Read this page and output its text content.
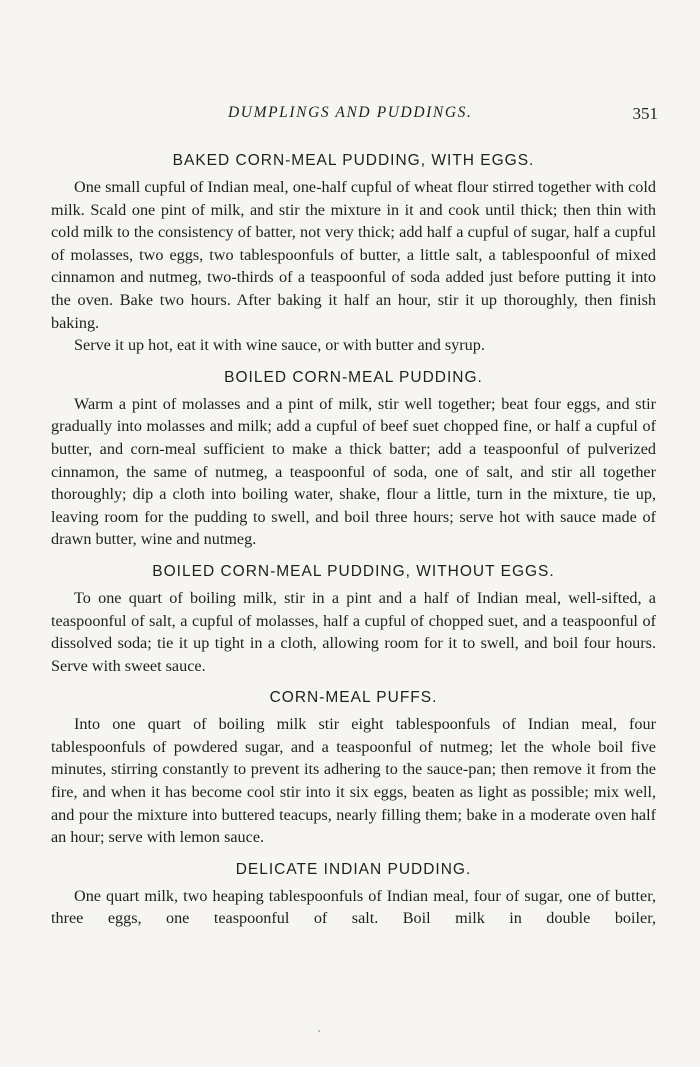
DUMPLINGS AND PUDDINGS.	351
BAKED CORN-MEAL PUDDING, WITH EGGS.

One small cupful of Indian meal, one-half cupful of wheat flour stirred together with cold milk. Scald one pint of milk, and stir the mixture in it and cook until thick; then thin with cold milk to the consistency of batter, not very thick; add half a cupful of sugar, half a cupful of molasses, two eggs, two tablespoonfuls of butter, a little salt, a tablespoonful of mixed cinnamon and nutmeg, two-thirds of a teaspoonful of soda added just before putting it into the oven. Bake two hours. After baking it half an hour, stir it up thoroughly, then finish baking.

Serve it up hot, eat it with wine sauce, or with butter and syrup.

BOILED CORN-MEAL PUDDING.

Warm a pint of molasses and a pint of milk, stir well together; beat four eggs, and stir gradually into molasses and milk; add a cupful of beef suet chopped fine, or half a cupful of butter, and corn-meal sufficient to make a thick batter; add a teaspoonful of pulverized cinnamon, the same of nutmeg, a teaspoonful of soda, one of salt, and stir all together thoroughly; dip a cloth into boiling water, shake, flour a little, turn in the mixture, tie up, leaving room for the pudding to swell, and boil three hours; serve hot with sauce made of drawn butter, wine and nutmeg.

BOILED CORN-MEAL PUDDING, WITHOUT EGGS.

To one quart of boiling milk, stir in a pint and a half of Indian meal, well-sifted, a teaspoonful of salt, a cupful of molasses, half a cupful of chopped suet, and a teaspoonful of dissolved soda; tie it up tight in a cloth, allowing room for it to swell, and boil four hours. Serve with sweet sauce.

CORN-MEAL PUFFS.

Into one quart of boiling milk stir eight tablespoonfuls of Indian meal, four tablespoonfuls of powdered sugar, and a teaspoonful of nutmeg; let the whole boil five minutes, stirring constantly to prevent its adhering to the sauce-pan; then remove it from the fire, and when it has become cool stir into it six eggs, beaten as light as possible; mix well, and pour the mixture into buttered teacups, nearly filling them; bake in a moderate oven half an hour; serve with lemon sauce.

DELICATE INDIAN PUDDING.

One quart milk, two heaping tablespoonfuls of Indian meal, four of sugar, one of butter, three eggs, one teaspoonful of salt. Boil milk in double boiler,
